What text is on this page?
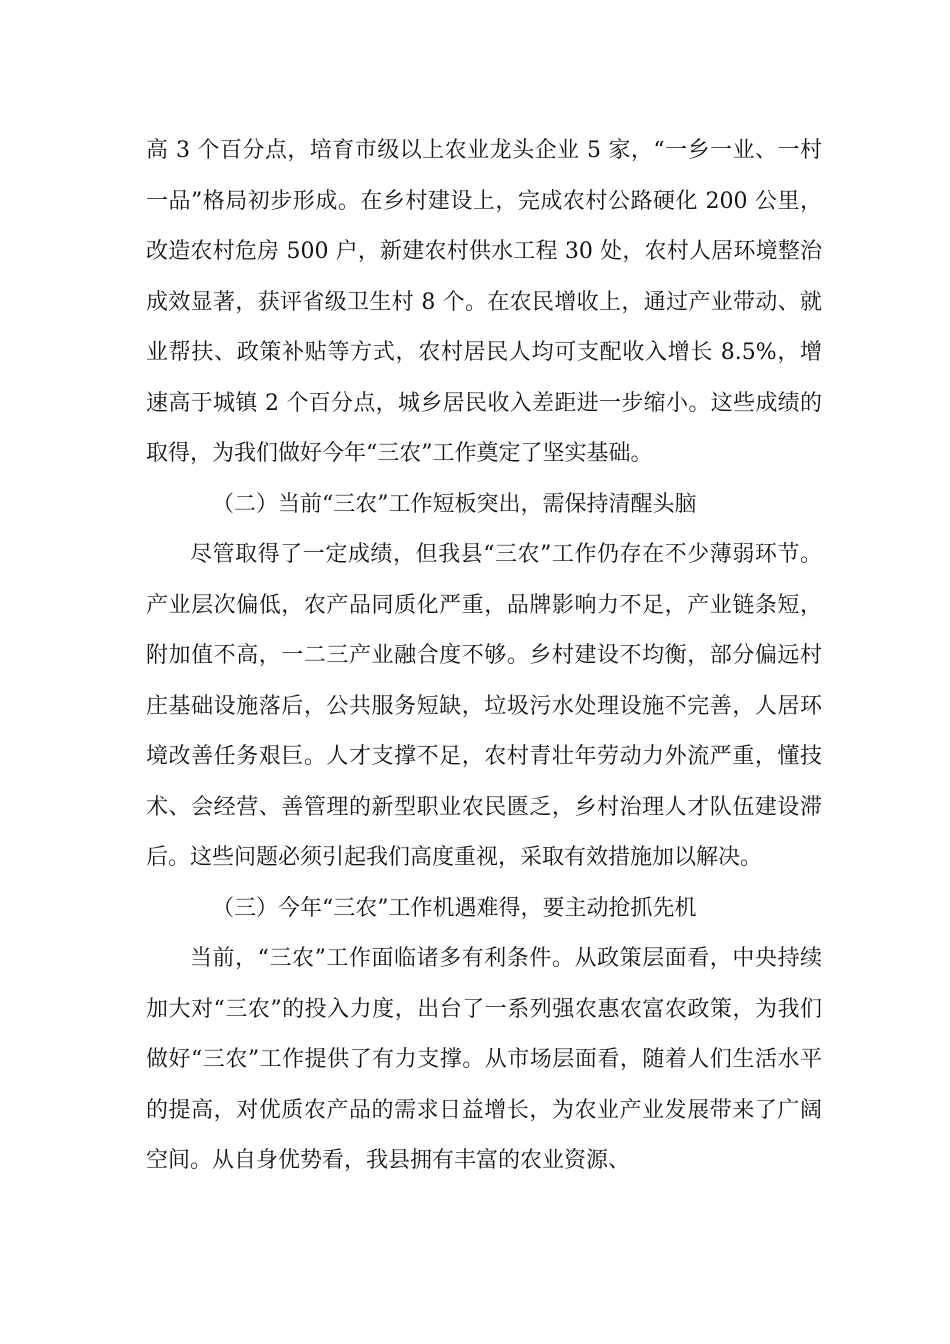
高 3 个百分点，培育市级以上农业龙头企业 5 家，“一乡一业、一村一品”格局初步形成。在乡村建设上，完成农村公路硬化 200 公里，改造农村危房 500 户，新建农村供水工程 30 处，农村人居环境整治成效显著，获评省级卫生村 8 个。在农民增收上，通过产业带动、就业帮扶、政策补贴等方式，农村居民人均可支配收入增长 8.5%，增速高于城镇 2 个百分点，城乡居民收入差距进一步缩小。这些成绩的取得，为我们做好今年“三农”工作奠定了坚实基础。

（二）当前“三农”工作短板突出，需保持清醒头脑

尽管取得了一定成绩，但我县“三农”工作仍存在不少薄弱环节。产业层次偏低，农产品同质化严重，品牌影响力不足，产业链条短，附加值不高，一二三产业融合度不够。乡村建设不均衡，部分偏远村庄基础设施落后，公共服务短缺，垃圾污水处理设施不完善，人居环境改善任务艰巨。人才支撑不足，农村青壮年劳动力外流严重，懂技术、会经营、善管理的新型职业农民匮乏，乡村治理人才队伍建设滞后。这些问题必须引起我们高度重视，采取有效措施加以解决。

（三）今年“三农”工作机遇难得，要主动抢抓先机

当前，“三农”工作面临诸多有利条件。从政策层面看，中央持续加大对“三农”的投入力度，出台了一系列强农惠农富农政策，为我们做好“三农”工作提供了有力支撑。从市场层面看，随着人们生活水平的提高，对优质农产品的需求日益增长，为农业产业发展带来了广阔空间。从自身优势看，我县拥有丰富的农业资源、
